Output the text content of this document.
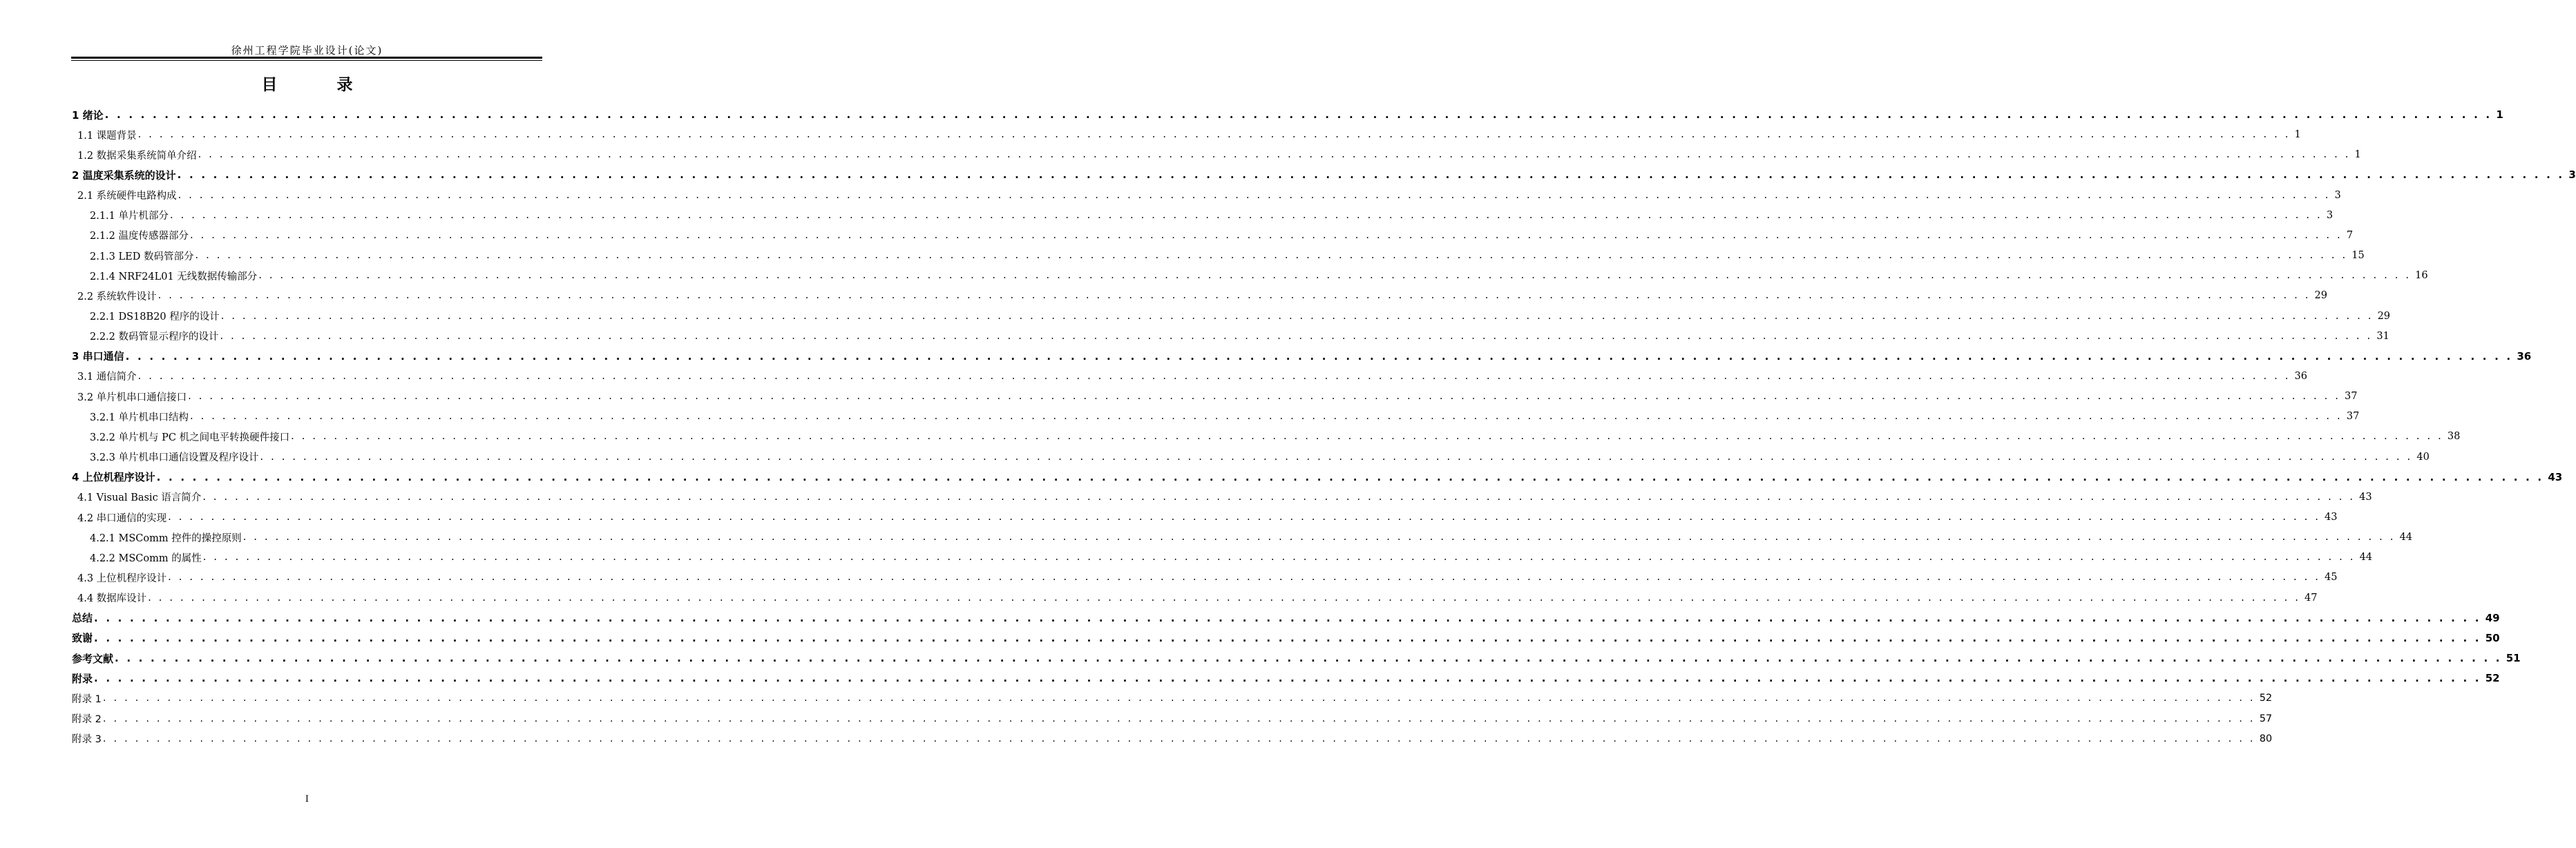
徐州工程学院毕业设计(论文)
目 录
1 绪论 . . . . . . . . . . . . . . . . . . . . . . . . . . . . . . . . . . . . . . . . . . . . . . . . . . . . . . . . . . . . . . . . . . . . . . . . . . . . . . . . . . . . . . . . . . . . . . . . . . . . . . . . . . . . . . . . . . . . . . . . . . . . . . . . . . . . . . . . . . . . . . . . . . . . . . . . . . . . . . . . . . . . . . . . . . . . . . . . . . . . . . . . . . . . . . . . . . . . . . . . 1
1.1 课题背景 . . . . . . . . . . . . . . . . . . . . . . . . . . . . . . . . . . . . . . . . . . . . . . . . . . . . . . . . . . . . . . . . . . . . . . . . . . . . . . . . . . . . . . . . . . . . . . . . . . . . . . . . . . . . . . . . . . . . . . . . . . . . . . . . . . . . . . . . . . . . . . . . . . . . . . . . . . . . . . . . . . . . . . . . . . . . . . . . . . . . . . . . . . . . . . . . . . . . . . . . 1
1.2 数据采集系统简单介绍 . . . . . . . . . . . . . . . . . . . . . . . . . . . . . . . . . . . . . . . . . . . . . . . . . . . . . . . . . . . . . . . . . . . . . . . . . . . . . . . . . . . . . . . . . . . . . . . . . . . . . . . . . . . . . . . . . . . . . . . . . . . . . . . . . . . . . . . . . . . . . . . . . . . . . . . . . . . . . . . . . . . . . . . . . . . . . . . . . . . . . . . . . . . . . . . . . . . . . . . . 1
2 温度采集系统的设计 . . . . . . . . . . . . . . . . . . . . . . . . . . . . . . . . . . . . . . . . . . . . . . . . . . . . . . . . . . . . . . . . . . . . . . . . . . . . . . . . . . . . . . . . . . . . . . . . . . . . . . . . . . . . . . . . . . . . . . . . . . . . . . . . . . . . . . . . . . . . . . . . . . . . . . . . . . . . . . . . . . . . . . . . . . . . . . . . . . . . . . . . . . . . . . . . . . . . . . . . 3
2.1 系统硬件电路构成 . . . . . . . . . . . . . . . . . . . . . . . . . . . . . . . . . . . . . . . . . . . . . . . . . . . . . . . . . . . . . . . . . . . . . . . . . . . . . . . . . . . . . . . . . . . . . . . . . . . . . . . . . . . . . . . . . . . . . . . . . . . . . . . . . . . . . . . . . . . . . . . . . . . . . . . . . . . . . . . . . . . . . . . . . . . . . . . . . . . . . . . . . . . . . . . . . . . . . . . . 3
2.1.1 单片机部分 . . . . . . . . . . . . . . . . . . . . . . . . . . . . . . . . . . . . . . . . . . . . . . . . . . . . . . . . . . . . . . . . . . . . . . . . . . . . . . . . . . . . . . . . . . . . . . . . . . . . . . . . . . . . . . . . . . . . . . . . . . . . . . . . . . . . . . . . . . . . . . . . . . . . . . . . . . . . . . . . . . . . . . . . . . . . . . . . . . . . . . . . . . . . . . . . . . . . . . . . 3
2.1.2 温度传感器部分 . . . . . . . . . . . . . . . . . . . . . . . . . . . . . . . . . . . . . . . . . . . . . . . . . . . . . . . . . . . . . . . . . . . . . . . . . . . . . . . . . . . . . . . . . . . . . . . . . . . . . . . . . . . . . . . . . . . . . . . . . . . . . . . . . . . . . . . . . . . . . . . . . . . . . . . . . . . . . . . . . . . . . . . . . . . . . . . . . . . . . . . . . . . . . . . . . . . . . . . . 7
2.1.3 LED 数码管部分 . . . . . . . . . . . . . . . . . . . . . . . . . . . . . . . . . . . . . . . . . . . . . . . . . . . . . . . . . . . . . . . . . . . . . . . . . . . . . . . . . . . . . . . . . . . . . . . . . . . . . . . . . . . . . . . . . . . . . . . . . . . . . . . . . . . . . . . . . . . . . . . . . . . . . . . . . . . . . . . . . . . . . . . . . . . . . . . . . . . . . . . . . . . . . . . . . . . . . . . . 15
2.1.4 NRF24L01 无线数据传输部分 . . . . . . . . . . . . . . . . . . . . . . . . . . . . . . . . . . . . . . . . . . . . . . . . . . . . . . . . . . . . . . . . . . . . . . . . . . . . . . . . . . . . . . . . . . . . . . . . . . . . . . . . . . . . . . . . . . . . . . . . . . . . . . . . . . . . . . . . . . . . . . . . . . . . . . . . . . . . . . . . . . . . . . . . . . . . . . . . . . . . . . . . . . . . . . . . . . . . . . . . 16
2.2 系统软件设计 . . . . . . . . . . . . . . . . . . . . . . . . . . . . . . . . . . . . . . . . . . . . . . . . . . . . . . . . . . . . . . . . . . . . . . . . . . . . . . . . . . . . . . . . . . . . . . . . . . . . . . . . . . . . . . . . . . . . . . . . . . . . . . . . . . . . . . . . . . . . . . . . . . . . . . . . . . . . . . . . . . . . . . . . . . . . . . . . . . . . . . . . . . . . . . . . . . . . . . . . 29
2.2.1 DS18B20 程序的设计 . . . . . . . . . . . . . . . . . . . . . . . . . . . . . . . . . . . . . . . . . . . . . . . . . . . . . . . . . . . . . . . . . . . . . . . . . . . . . . . . . . . . . . . . . . . . . . . . . . . . . . . . . . . . . . . . . . . . . . . . . . . . . . . . . . . . . . . . . . . . . . . . . . . . . . . . . . . . . . . . . . . . . . . . . . . . . . . . . . . . . . . . . . . . . . . . . . . . . . . . 29
2.2.2 数码管显示程序的设计 . . . . . . . . . . . . . . . . . . . . . . . . . . . . . . . . . . . . . . . . . . . . . . . . . . . . . . . . . . . . . . . . . . . . . . . . . . . . . . . . . . . . . . . . . . . . . . . . . . . . . . . . . . . . . . . . . . . . . . . . . . . . . . . . . . . . . . . . . . . . . . . . . . . . . . . . . . . . . . . . . . . . . . . . . . . . . . . . . . . . . . . . . . . . . . . . . . . . . . . . 31
3 串口通信 . . . . . . . . . . . . . . . . . . . . . . . . . . . . . . . . . . . . . . . . . . . . . . . . . . . . . . . . . . . . . . . . . . . . . . . . . . . . . . . . . . . . . . . . . . . . . . . . . . . . . . . . . . . . . . . . . . . . . . . . . . . . . . . . . . . . . . . . . . . . . . . . . . . . . . . . . . . . . . . . . . . . . . . . . . . . . . . . . . . . . . . . . . . . . . . . . . . . . . . . 36
3.1 通信简介 . . . . . . . . . . . . . . . . . . . . . . . . . . . . . . . . . . . . . . . . . . . . . . . . . . . . . . . . . . . . . . . . . . . . . . . . . . . . . . . . . . . . . . . . . . . . . . . . . . . . . . . . . . . . . . . . . . . . . . . . . . . . . . . . . . . . . . . . . . . . . . . . . . . . . . . . . . . . . . . . . . . . . . . . . . . . . . . . . . . . . . . . . . . . . . . . . . . . . . . . 36
3.2 单片机串口通信接口 . . . . . . . . . . . . . . . . . . . . . . . . . . . . . . . . . . . . . . . . . . . . . . . . . . . . . . . . . . . . . . . . . . . . . . . . . . . . . . . . . . . . . . . . . . . . . . . . . . . . . . . . . . . . . . . . . . . . . . . . . . . . . . . . . . . . . . . . . . . . . . . . . . . . . . . . . . . . . . . . . . . . . . . . . . . . . . . . . . . . . . . . . . . . . . . . . . . . . . . . 37
3.2.1 单片机串口结构 . . . . . . . . . . . . . . . . . . . . . . . . . . . . . . . . . . . . . . . . . . . . . . . . . . . . . . . . . . . . . . . . . . . . . . . . . . . . . . . . . . . . . . . . . . . . . . . . . . . . . . . . . . . . . . . . . . . . . . . . . . . . . . . . . . . . . . . . . . . . . . . . . . . . . . . . . . . . . . . . . . . . . . . . . . . . . . . . . . . . . . . . . . . . . . . . . . . . . . . . 37
3.2.2 单片机与 PC 机之间电平转换硬件接口 . . . . . . . . . . . . . . . . . . . . . . . . . . . . . . . . . . . . . . . . . . . . . . . . . . . . . . . . . . . . . . . . . . . . . . . . . . . . . . . . . . . . . . . . . . . . . . . . . . . . . . . . . . . . . . . . . . . . . . . . . . . . . . . . . . . . . . . . . . . . . . . . . . . . . . . . . . . . . . . . . . . . . . . . . . . . . . . . . . . . . . . . . . . . . . . . . . . . . . . . 38
3.2.3 单片机串口通信设置及程序设计 . . . . . . . . . . . . . . . . . . . . . . . . . . . . . . . . . . . . . . . . . . . . . . . . . . . . . . . . . . . . . . . . . . . . . . . . . . . . . . . . . . . . . . . . . . . . . . . . . . . . . . . . . . . . . . . . . . . . . . . . . . . . . . . . . . . . . . . . . . . . . . . . . . . . . . . . . . . . . . . . . . . . . . . . . . . . . . . . . . . . . . . . . . . . . . . . . . . . . . . . 40
4 上位机程序设计 . . . . . . . . . . . . . . . . . . . . . . . . . . . . . . . . . . . . . . . . . . . . . . . . . . . . . . . . . . . . . . . . . . . . . . . . . . . . . . . . . . . . . . . . . . . . . . . . . . . . . . . . . . . . . . . . . . . . . . . . . . . . . . . . . . . . . . . . . . . . . . . . . . . . . . . . . . . . . . . . . . . . . . . . . . . . . . . . . . . . . . . . . . . . . . . . . . . . . . . . 43
4.1 Visual Basic 语言简介 . . . . . . . . . . . . . . . . . . . . . . . . . . . . . . . . . . . . . . . . . . . . . . . . . . . . . . . . . . . . . . . . . . . . . . . . . . . . . . . . . . . . . . . . . . . . . . . . . . . . . . . . . . . . . . . . . . . . . . . . . . . . . . . . . . . . . . . . . . . . . . . . . . . . . . . . . . . . . . . . . . . . . . . . . . . . . . . . . . . . . . . . . . . . . . . . . . . . . . . . 43
4.2 串口通信的实现 . . . . . . . . . . . . . . . . . . . . . . . . . . . . . . . . . . . . . . . . . . . . . . . . . . . . . . . . . . . . . . . . . . . . . . . . . . . . . . . . . . . . . . . . . . . . . . . . . . . . . . . . . . . . . . . . . . . . . . . . . . . . . . . . . . . . . . . . . . . . . . . . . . . . . . . . . . . . . . . . . . . . . . . . . . . . . . . . . . . . . . . . . . . . . . . . . . . . . . . . 43
4.2.1 MSComm 控件的操控原则 . . . . . . . . . . . . . . . . . . . . . . . . . . . . . . . . . . . . . . . . . . . . . . . . . . . . . . . . . . . . . . . . . . . . . . . . . . . . . . . . . . . . . . . . . . . . . . . . . . . . . . . . . . . . . . . . . . . . . . . . . . . . . . . . . . . . . . . . . . . . . . . . . . . . . . . . . . . . . . . . . . . . . . . . . . . . . . . . . . . . . . . . . . . . . . . . . . . . . . . . 44
4.2.2 MSComm 的属性 . . . . . . . . . . . . . . . . . . . . . . . . . . . . . . . . . . . . . . . . . . . . . . . . . . . . . . . . . . . . . . . . . . . . . . . . . . . . . . . . . . . . . . . . . . . . . . . . . . . . . . . . . . . . . . . . . . . . . . . . . . . . . . . . . . . . . . . . . . . . . . . . . . . . . . . . . . . . . . . . . . . . . . . . . . . . . . . . . . . . . . . . . . . . . . . . . . . . . . . . 44
4.3 上位机程序设计 . . . . . . . . . . . . . . . . . . . . . . . . . . . . . . . . . . . . . . . . . . . . . . . . . . . . . . . . . . . . . . . . . . . . . . . . . . . . . . . . . . . . . . . . . . . . . . . . . . . . . . . . . . . . . . . . . . . . . . . . . . . . . . . . . . . . . . . . . . . . . . . . . . . . . . . . . . . . . . . . . . . . . . . . . . . . . . . . . . . . . . . . . . . . . . . . . . . . . . . . 45
4.4 数据库设计 . . . . . . . . . . . . . . . . . . . . . . . . . . . . . . . . . . . . . . . . . . . . . . . . . . . . . . . . . . . . . . . . . . . . . . . . . . . . . . . . . . . . . . . . . . . . . . . . . . . . . . . . . . . . . . . . . . . . . . . . . . . . . . . . . . . . . . . . . . . . . . . . . . . . . . . . . . . . . . . . . . . . . . . . . . . . . . . . . . . . . . . . . . . . . . . . . . . . . . . . 47
总结 . . . . . . . . . . . . . . . . . . . . . . . . . . . . . . . . . . . . . . . . . . . . . . . . . . . . . . . . . . . . . . . . . . . . . . . . . . . . . . . . . . . . . . . . . . . . . . . . . . . . . . . . . . . . . . . . . . . . . . . . . . . . . . . . . . . . . . . . . . . . . . . . . . . . . . . . . . . . . . . . . . . . . . . . . . . . . . . . . . . . . . . . . . . . . . . . . . . . . . . . 49
致谢 . . . . . . . . . . . . . . . . . . . . . . . . . . . . . . . . . . . . . . . . . . . . . . . . . . . . . . . . . . . . . . . . . . . . . . . . . . . . . . . . . . . . . . . . . . . . . . . . . . . . . . . . . . . . . . . . . . . . . . . . . . . . . . . . . . . . . . . . . . . . . . . . . . . . . . . . . . . . . . . . . . . . . . . . . . . . . . . . . . . . . . . . . . . . . . . . . . . . . . . . 50
参考文献 . . . . . . . . . . . . . . . . . . . . . . . . . . . . . . . . . . . . . . . . . . . . . . . . . . . . . . . . . . . . . . . . . . . . . . . . . . . . . . . . . . . . . . . . . . . . . . . . . . . . . . . . . . . . . . . . . . . . . . . . . . . . . . . . . . . . . . . . . . . . . . . . . . . . . . . . . . . . . . . . . . . . . . . . . . . . . . . . . . . . . . . . . . . . . . . . . . . . . . . . 51
附录 . . . . . . . . . . . . . . . . . . . . . . . . . . . . . . . . . . . . . . . . . . . . . . . . . . . . . . . . . . . . . . . . . . . . . . . . . . . . . . . . . . . . . . . . . . . . . . . . . . . . . . . . . . . . . . . . . . . . . . . . . . . . . . . . . . . . . . . . . . . . . . . . . . . . . . . . . . . . . . . . . . . . . . . . . . . . . . . . . . . . . . . . . . . . . . . . . . . . . . . . 52
附录 1 . . . . . . . . . . . . . . . . . . . . . . . . . . . . . . . . . . . . . . . . . . . . . . . . . . . . . . . . . . . . . . . . . . . . . . . . . . . . . . . . . . . . . . . . . . . . . . . . . . . . . . . . . . . . . . . . . . . . . . . . . . . . . . . . . . . . . . . . . . . . . . . . . . . . . . . . . . . . . . . . . . . . . . . . . . . . . . . . . . . . . . . . . . . . . . . . . . . . . . . . 52
附录 2 . . . . . . . . . . . . . . . . . . . . . . . . . . . . . . . . . . . . . . . . . . . . . . . . . . . . . . . . . . . . . . . . . . . . . . . . . . . . . . . . . . . . . . . . . . . . . . . . . . . . . . . . . . . . . . . . . . . . . . . . . . . . . . . . . . . . . . . . . . . . . . . . . . . . . . . . . . . . . . . . . . . . . . . . . . . . . . . . . . . . . . . . . . . . . . . . . . . . . . . . 57
附录 3 . . . . . . . . . . . . . . . . . . . . . . . . . . . . . . . . . . . . . . . . . . . . . . . . . . . . . . . . . . . . . . . . . . . . . . . . . . . . . . . . . . . . . . . . . . . . . . . . . . . . . . . . . . . . . . . . . . . . . . . . . . . . . . . . . . . . . . . . . . . . . . . . . . . . . . . . . . . . . . . . . . . . . . . . . . . . . . . . . . . . . . . . . . . . . . . . . . . . . . . . 80
I
